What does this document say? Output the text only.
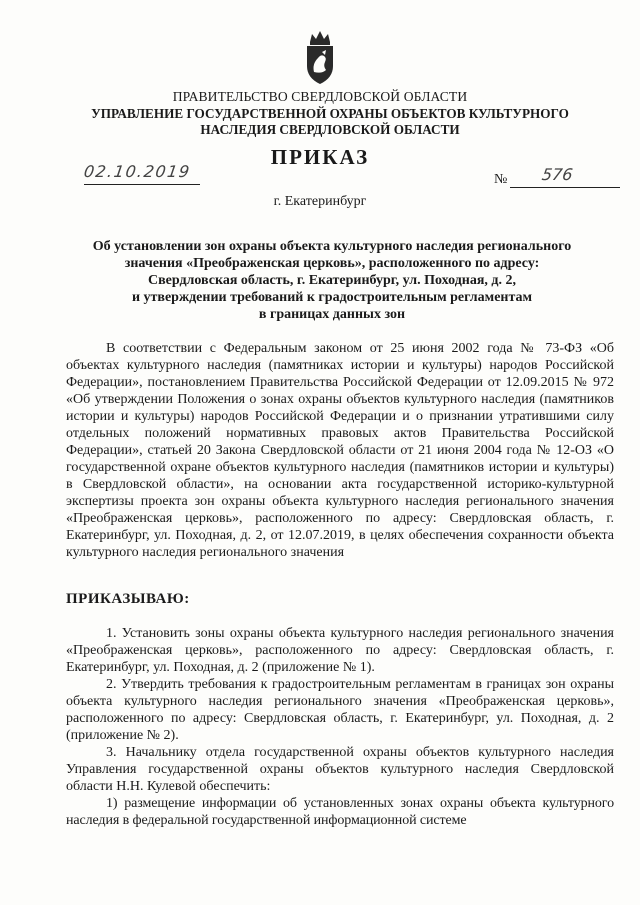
ПРАВИТЕЛЬСТВО СВЕРДЛОВСКОЙ ОБЛАСТИ
УПРАВЛЕНИЕ ГОСУДАРСТВЕННОЙ ОХРАНЫ ОБЪЕКТОВ КУЛЬТУРНОГО НАСЛЕДИЯ СВЕРДЛОВСКОЙ ОБЛАСТИ
ПРИКАЗ
02.10.2019	№ 576
г. Екатеринбург
Об установлении зон охраны объекта культурного наследия регионального
значения «Преображенская церковь», расположенного по адресу:
Свердловская область, г. Екатеринбург, ул. Походная, д. 2,
и утверждении требований к градостроительным регламентам
в границах данных зон

В соответствии с Федеральным законом от 25 июня 2002 года № 73-ФЗ «Об объектах культурного наследия (памятниках истории и культуры) народов Российской Федерации», постановлением Правительства Российской Федерации от 12.09.2015 № 972 «Об утверждении Положения о зонах охраны объектов культурного наследия (памятников истории и культуры) народов Российской Федерации и о признании утратившими силу отдельных положений нормативных правовых актов Правительства Российской Федерации», статьей 20 Закона Свердловской области от 21 июня 2004 года № 12-ОЗ «О государственной охране объектов культурного наследия (памятников истории и культуры) в Свердловской области», на основании акта государственной историко-культурной экспертизы проекта зон охраны объекта культурного наследия регионального значения «Преображенская церковь», расположенного по адресу: Свердловская область, г. Екатеринбург, ул. Походная, д. 2, от 12.07.2019, в целях обеспечения сохранности объекта культурного наследия регионального значения

ПРИКАЗЫВАЮ:

1. Установить зоны охраны объекта культурного наследия регионального значения «Преображенская церковь», расположенного по адресу: Свердловская область, г. Екатеринбург, ул. Походная, д. 2 (приложение № 1).

2. Утвердить требования к градостроительным регламентам в границах зон охраны объекта культурного наследия регионального значения «Преображенская церковь», расположенного по адресу: Свердловская область, г. Екатеринбург, ул. Походная, д. 2 (приложение № 2).

3. Начальнику отдела государственной охраны объектов культурного наследия Управления государственной охраны объектов культурного наследия Свердловской области Н.Н. Кулевой обеспечить:

1) размещение информации об установленных зонах охраны объекта культурного наследия в федеральной государственной информационной системе
